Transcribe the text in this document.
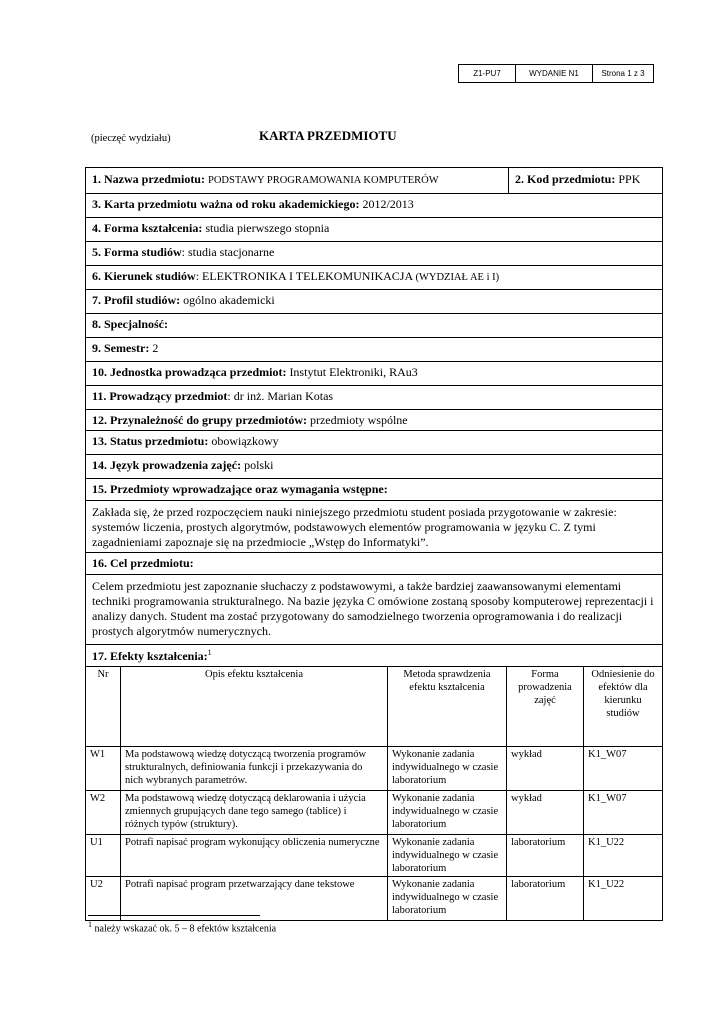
Z1-PU7	WYDANIE N1	Strona 1 z 3
(pieczęć wydziału)	KARTA PRZEDMIOTU
1. Nazwa przedmiotu: PODSTAWY PROGRAMOWANIA KOMPUTERÓW	2. Kod przedmiotu: PPK
3. Karta przedmiotu ważna od roku akademickiego: 2012/2013
4. Forma kształcenia: studia pierwszego stopnia
5. Forma studiów: studia stacjonarne
6. Kierunek studiów: ELEKTRONIKA I TELEKOMUNIKACJA (WYDZIAŁ AE i I)
7. Profil studiów: ogólno akademicki
8. Specjalność:
9. Semestr: 2
10. Jednostka prowadząca przedmiot: Instytut Elektroniki, RAu3
11. Prowadzący przedmiot: dr inż. Marian Kotas
12. Przynależność do grupy przedmiotów: przedmioty wspólne
13. Status przedmiotu: obowiązkowy
14. Język prowadzenia zajęć: polski
15. Przedmioty wprowadzające oraz wymagania wstępne:
Zakłada się, że przed rozpoczęciem nauki niniejszego przedmiotu student posiada przygotowanie w zakresie: systemów liczenia, prostych algorytmów, podstawowych elementów programowania w języku C. Z tymi zagadnieniami zapoznaje się na przedmiocie „Wstęp do Informatyki”.
16. Cel przedmiotu:
Celem przedmiotu jest zapoznanie słuchaczy z podstawowymi, a także bardziej zaawansowanymi elementami techniki programowania strukturalnego. Na bazie języka C omówione zostaną sposoby komputerowej reprezentacji i analizy danych. Student ma zostać przygotowany do samodzielnego tworzenia oprogramowania i do realizacji prostych algorytmów numerycznych.
17. Efekty kształcenia:$^1$
Nr	Opis efektu kształcenia	Metoda sprawdzenia efektu kształcenia	Forma prowadzenia zajęć	Odniesienie do efektów dla kierunku studiów
W1	Ma podstawową wiedzę dotyczącą tworzenia programów strukturalnych, definiowania funkcji i przekazywania do nich wybranych parametrów.	Wykonanie zadania indywidualnego w czasie laboratorium	wykład	K1_W07
W2	Ma podstawową wiedzę dotyczącą deklarowania i użycia zmiennych grupujących dane tego samego (tablice) i różnych typów (struktury).	Wykonanie zadania indywidualnego w czasie laboratorium	wykład	K1_W07
U1	Potrafi napisać program wykonujący obliczenia numeryczne	Wykonanie zadania indywidualnego w czasie laboratorium	laboratorium	K1_U22
U2	Potrafi napisać program przetwarzający dane tekstowe	Wykonanie zadania indywidualnego w czasie laboratorium	laboratorium	K1_U22
$^1$ należy wskazać ok. 5 – 8 efektów kształcenia
